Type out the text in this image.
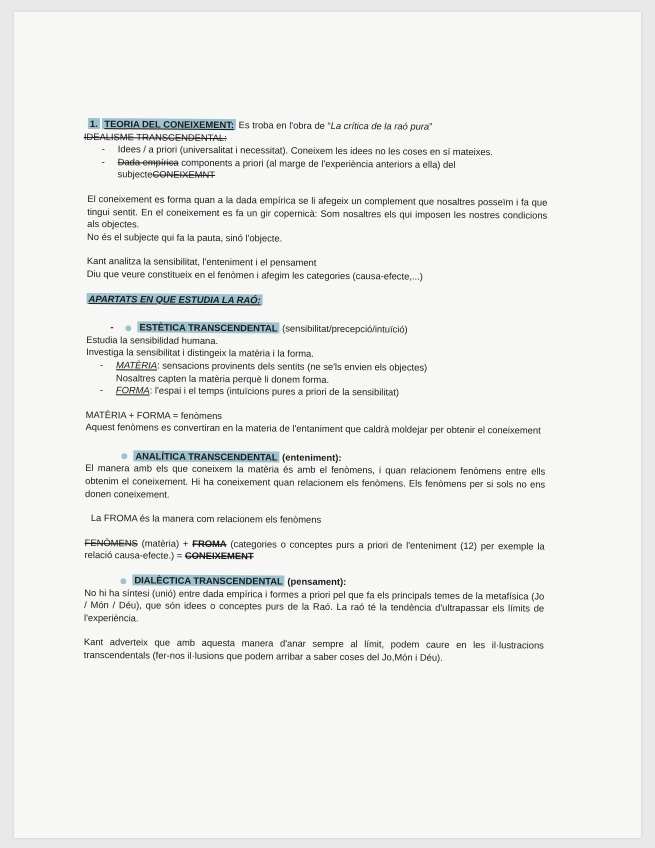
1. TEORIA DEL CONEIXEMENT: Es troba en l'obra de “La crítica de la raó pura”

IDEALISME TRANSCENDENTAL:

- Idees / a priori (universalitat i necessitat). Coneixem les idees no les coses en sí mateixes.
- Dada empírica components a priori (al marge de l'experiència anteriors a ella) del subjecteCONEIXEMNT

El coneixement es forma quan a la dada empírica se li afegeix un complement que nosaltres posseïm i fa que tingui sentit. En el coneixement es fa un gir copernicà: Som nosaltres els qui imposen les nostres condicions als objectes.

No és el subjecte qui fa la pauta, sinó l'objecte.

Kant analitza la sensibilitat, l'enteniment i el pensament

Diu que veure constitueix en el fenòmen i afegim les categories (causa-efecte,...)

APARTATS EN QUE ESTUDIA LA RAÓ:

-	ESTÈTICA TRANSCENDENTAL (sensibilitat/precepció/intuïció)

Estudia la sensibilidad humana.

Investiga la sensibilitat i distingeix la matèria i la forma.

- MATÈRIA: sensacions provinents dels sentits (ne se'ls envien els objectes)
Nosaltres capten la matèria perquè li donem forma.
- FORMA: l'espai i el temps (intuïcions pures a priori de la sensibilitat)

MATÈRIA + FORMA = fenòmens

Aquest fenòmens es convertiran en la materia de l'entaniment que caldrà moldejar per obtenir el coneixement

ANALÍTICA TRANSCENDENTAL (enteniment):

El manera amb els que coneixem la matèria és amb el fenòmens, i quan relacionem fenòmens entre ells obtenim el coneixement. Hi ha coneixement quan relacionem els fenòmens. Els fenòmens per si sols no ens donen coneixement.

La FROMA és la manera com relacionem els fenòmens

FENÒMENS (matèria) + FROMA (categories o conceptes purs a priori de l'enteniment (12) per exemple la relació causa-efecte.) = CONEIXEMENT

DIALÈCTICA TRANSCENDENTAL (pensament):

No hi ha síntesi (unió) entre dada empírica i formes a priori pel que fa els principals temes de la metafísica (Jo / Món / Déu), que són idees o conceptes purs de la Raó. La raó té la tendència d'ultrapassar els límits de l'experiència.

Kant adverteix que amb aquesta manera d'anar sempre al límit, podem caure en les il·lustracions transcendentals (fer-nos il·lusions que podem arribar a saber coses del Jo,Món i Déu).
